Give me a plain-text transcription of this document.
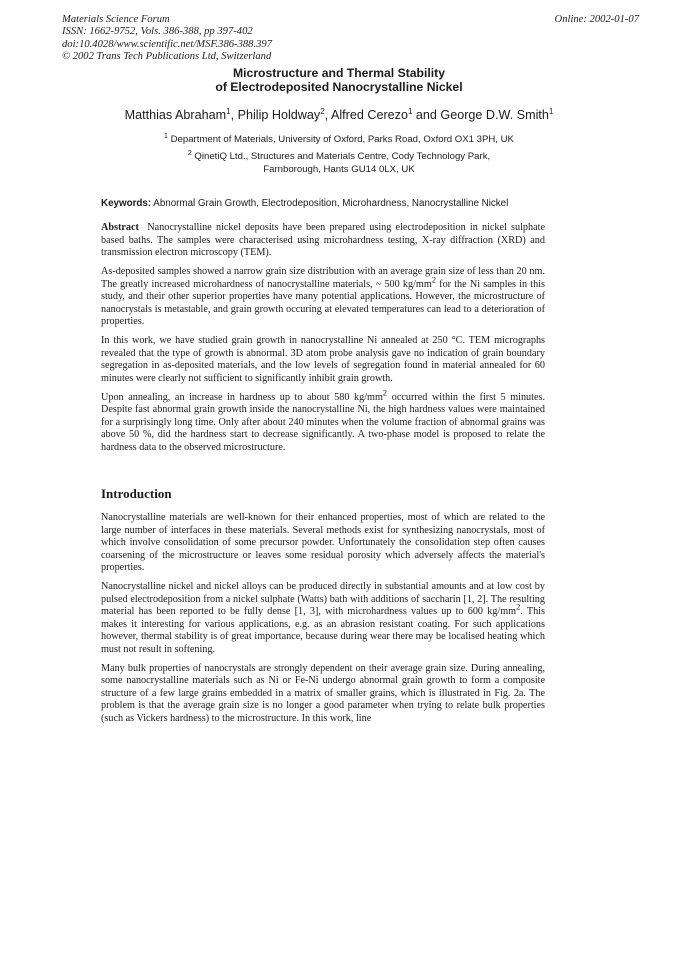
Materials Science Forum
ISSN: 1662-9752, Vols. 386-388, pp 397-402
doi:10.4028/www.scientific.net/MSF.386-388.397
© 2002 Trans Tech Publications Ltd, Switzerland
Online: 2002-01-07
Microstructure and Thermal Stability
of Electrodeposited Nanocrystalline Nickel
Matthias Abraham$^1$, Philip Holdway$^2$, Alfred Cerezo$^1$ and George D.W. Smith$^1$
$^1$ Department of Materials, University of Oxford, Parks Road, Oxford OX1 3PH, UK
$^2$ QinetiQ Ltd., Structures and Materials Centre, Cody Technology Park,
Farnborough, Hants GU14 0LX, UK
Keywords: Abnormal Grain Growth, Electrodeposition, Microhardness, Nanocrystalline Nickel

Abstract Nanocrystalline nickel deposits have been prepared using electrodeposition in nickel sulphate based baths. The samples were characterised using microhardness testing, X-ray diffraction (XRD) and transmission electron microscopy (TEM).

As-deposited samples showed a narrow grain size distribution with an average grain size of less than 20 nm. The greatly increased microhardness of nanocrystalline materials, ~ 500 $kg/mm^2$ for the Ni samples in this study, and their other superior properties have many potential applications. However, the microstructure of nanocrystals is metastable, and grain growth occuring at elevated temperatures can lead to a deterioration of properties.

In this work, we have studied grain growth in nanocrystalline Ni annealed at 250 °C. TEM micrographs revealed that the type of growth is abnormal. 3D atom probe analysis gave no indication of grain boundary segregation in as-deposited materials, and the low levels of segregation found in material annealed for 60 minutes were clearly not sufficient to significantly inhibit grain growth.

Upon annealing, an increase in hardness up to about 580 $kg/mm^2$ occurred within the first 5 minutes. Despite fast abnormal grain growth inside the nanocrystalline Ni, the high hardness values were maintained for a surprisingly long time. Only after about 240 minutes when the volume fraction of abnormal grains was above 50 %, did the hardness start to decrease significantly. A two-phase model is proposed to relate the hardness data to the observed microstructure.

Introduction

Nanocrystalline materials are well-known for their enhanced properties, most of which are related to the large number of interfaces in these materials. Several methods exist for synthesizing nanocrystals, most of which involve consolidation of some precursor powder. Unfortunately the consolidation step often causes coarsening of the microstructure or leaves some residual porosity which adversely affects the material's properties.

Nanocrystalline nickel and nickel alloys can be produced directly in substantial amounts and at low cost by pulsed electrodeposition from a nickel sulphate (Watts) bath with additions of saccharin [1, 2]. The resulting material has been reported to be fully dense [1, 3], with microhardness values up to 600 $kg/mm^2$. This makes it interesting for various applications, e.g. as an abrasion resistant coating. For such applications however, thermal stability is of great importance, because during wear there may be localised heating which must not result in softening.

Many bulk properties of nanocrystals are strongly dependent on their average grain size. During annealing, some nanocrystalline materials such as Ni or Fe-Ni undergo abnormal grain growth to form a composite structure of a few large grains embedded in a matrix of smaller grains, which is illustrated in Fig. 2a. The problem is that the average grain size is no longer a good parameter when trying to relate bulk properties (such as Vickers hardness) to the microstructure. In this work, line
